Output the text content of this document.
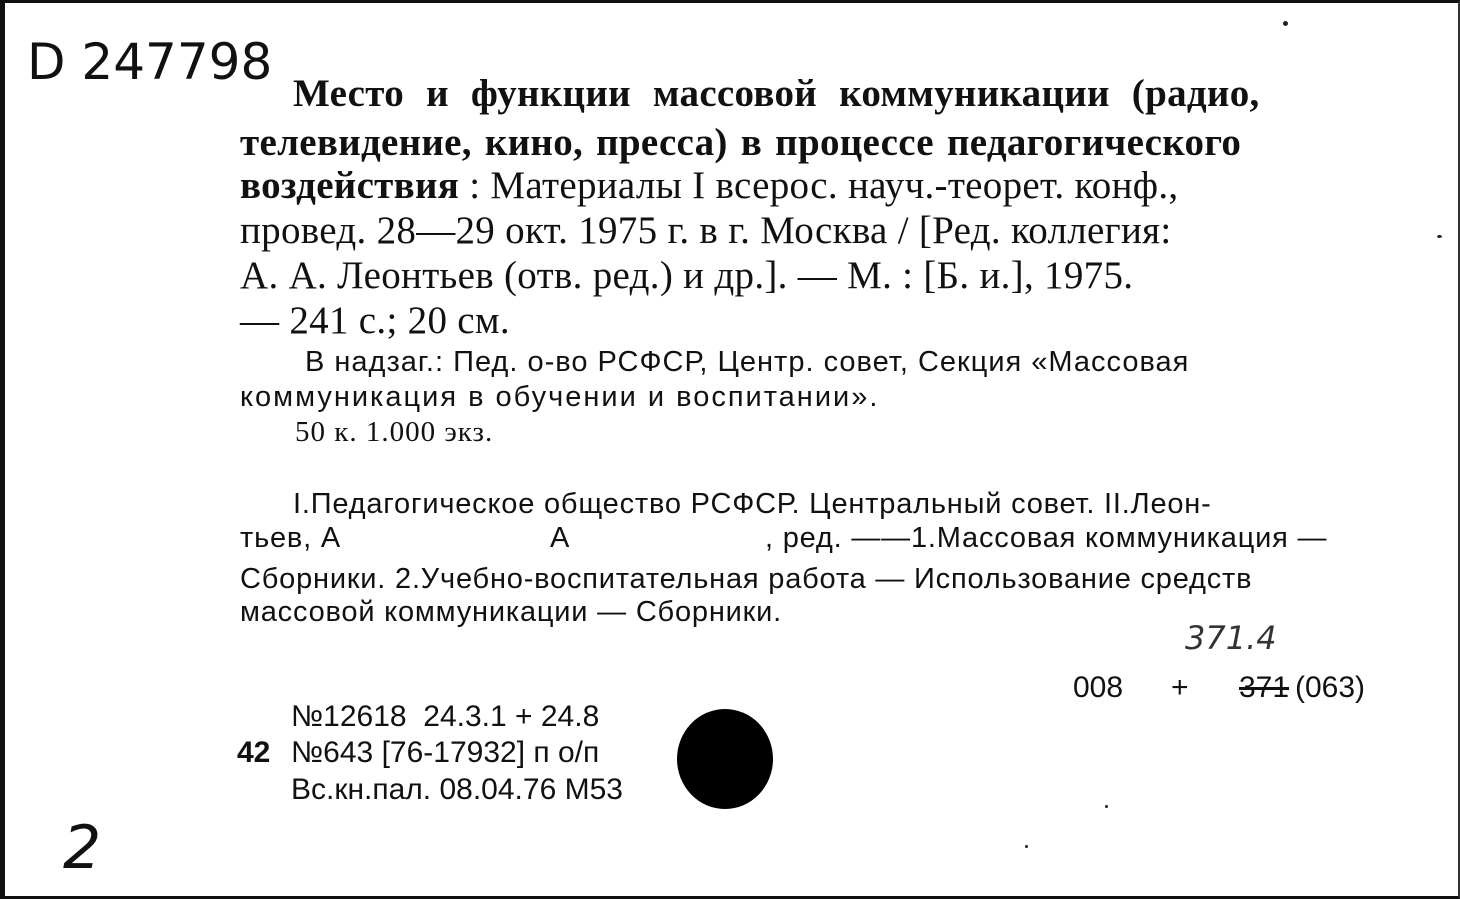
D 247798
Место и функции массовой коммуникации (радио,
телевидение, кино, пресса) в процессе педагогического
воздействия : Материалы I всерос. науч.-теорет. конф.,
провед. 28—29 окт. 1975 г. в г. Москва / [Ред. коллегия:
А. А. Леонтьев (отв. ред.) и др.]. — М. : [Б. и.], 1975.
— 241 с.; 20 см.
В надзаг.: Пед. о-во РСФСР, Центр. совет, Секция «Массовая
коммуникация в обучении и воспитании».
50 к. 1.000 экз.
I.Педагогическое общество РСФСР. Центральный совет. II.Леон-
тьев, А	А	, ред. ——1.Массовая коммуникация —
Сборники. 2.Учебно-воспитательная работа — Использование средств
массовой коммуникации — Сборники.
371.4
008 + 371 (063)
№12618  24.3.1 + 24.8
42 №643 [76-17932] п о/п
Вс.кн.пал. 08.04.76 М53
2
